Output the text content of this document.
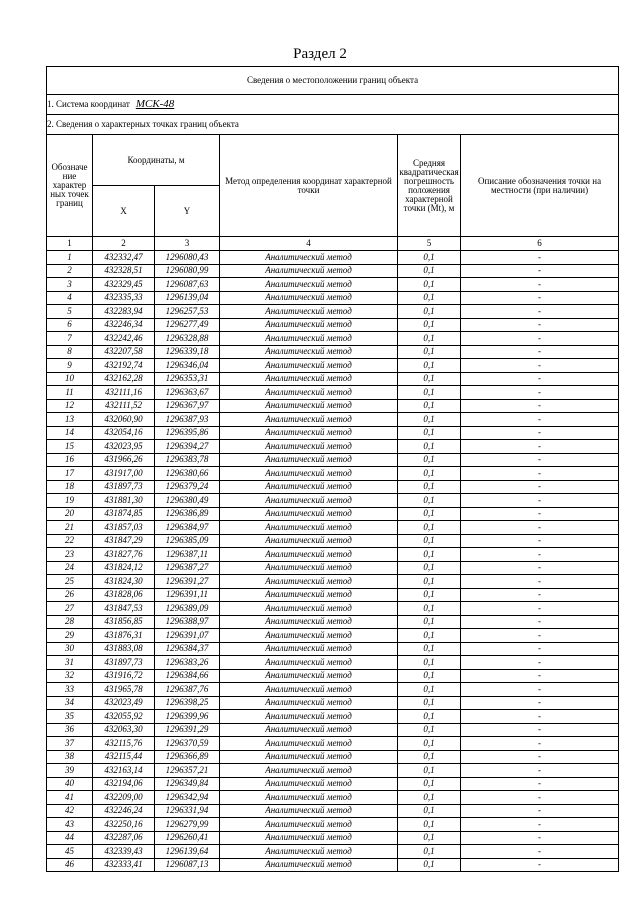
Раздел 2
Сведения о местоположении границ объекта					
1. Система координат МСК-48					
2. Сведения о характерных точках границ объекта					
Обозначе ние характер ных точек границ	Координаты, м		Метод определения координат характерной точки	Средняя квадратическая погрешность положения характерной точки (Mt), м	Описание обозначения точки на местности (при наличии)
	X	Y			
1	2	3	4	5	6
1	432332,47	1296080,43	Аналитический метод	0,1	-
2	432328,51	1296080,99	Аналитический метод	0,1	-
3	432329,45	1296087,63	Аналитический метод	0,1	-
4	432335,33	1296139,04	Аналитический метод	0,1	-
5	432283,94	1296257,53	Аналитический метод	0,1	-
6	432246,34	1296277,49	Аналитический метод	0,1	-
7	432242,46	1296328,88	Аналитический метод	0,1	-
8	432207,58	1296339,18	Аналитический метод	0,1	-
9	432192,74	1296346,04	Аналитический метод	0,1	-
10	432162,28	1296353,31	Аналитический метод	0,1	-
11	432111,16	1296363,67	Аналитический метод	0,1	-
12	432111,52	1296367,97	Аналитический метод	0,1	-
13	432060,90	1296387,93	Аналитический метод	0,1	-
14	432054,16	1296395,86	Аналитический метод	0,1	-
15	432023,95	1296394,27	Аналитический метод	0,1	-
16	431966,26	1296383,78	Аналитический метод	0,1	-
17	431917,00	1296380,66	Аналитический метод	0,1	-
18	431897,73	1296379,24	Аналитический метод	0,1	-
19	431881,30	1296380,49	Аналитический метод	0,1	-
20	431874,85	1296386,89	Аналитический метод	0,1	-
21	431857,03	1296384,97	Аналитический метод	0,1	-
22	431847,29	1296385,09	Аналитический метод	0,1	-
23	431827,76	1296387,11	Аналитический метод	0,1	-
24	431824,12	1296387,27	Аналитический метод	0,1	-
25	431824,30	1296391,27	Аналитический метод	0,1	-
26	431828,06	1296391,11	Аналитический метод	0,1	-
27	431847,53	1296389,09	Аналитический метод	0,1	-
28	431856,85	1296388,97	Аналитический метод	0,1	-
29	431876,31	1296391,07	Аналитический метод	0,1	-
30	431883,08	1296384,37	Аналитический метод	0,1	-
31	431897,73	1296383,26	Аналитический метод	0,1	-
32	431916,72	1296384,66	Аналитический метод	0,1	-
33	431965,78	1296387,76	Аналитический метод	0,1	-
34	432023,49	1296398,25	Аналитический метод	0,1	-
35	432055,92	1296399,96	Аналитический метод	0,1	-
36	432063,30	1296391,29	Аналитический метод	0,1	-
37	432115,76	1296370,59	Аналитический метод	0,1	-
38	432115,44	1296366,89	Аналитический метод	0,1	-
39	432163,14	1296357,21	Аналитический метод	0,1	-
40	432194,06	1296349,84	Аналитический метод	0,1	-
41	432209,00	1296342,94	Аналитический метод	0,1	-
42	432246,24	1296331,94	Аналитический метод	0,1	-
43	432250,16	1296279,99	Аналитический метод	0,1	-
44	432287,06	1296260,41	Аналитический метод	0,1	-
45	432339,43	1296139,64	Аналитический метод	0,1	-
46	432333,41	1296087,13	Аналитический метод	0,1	-
